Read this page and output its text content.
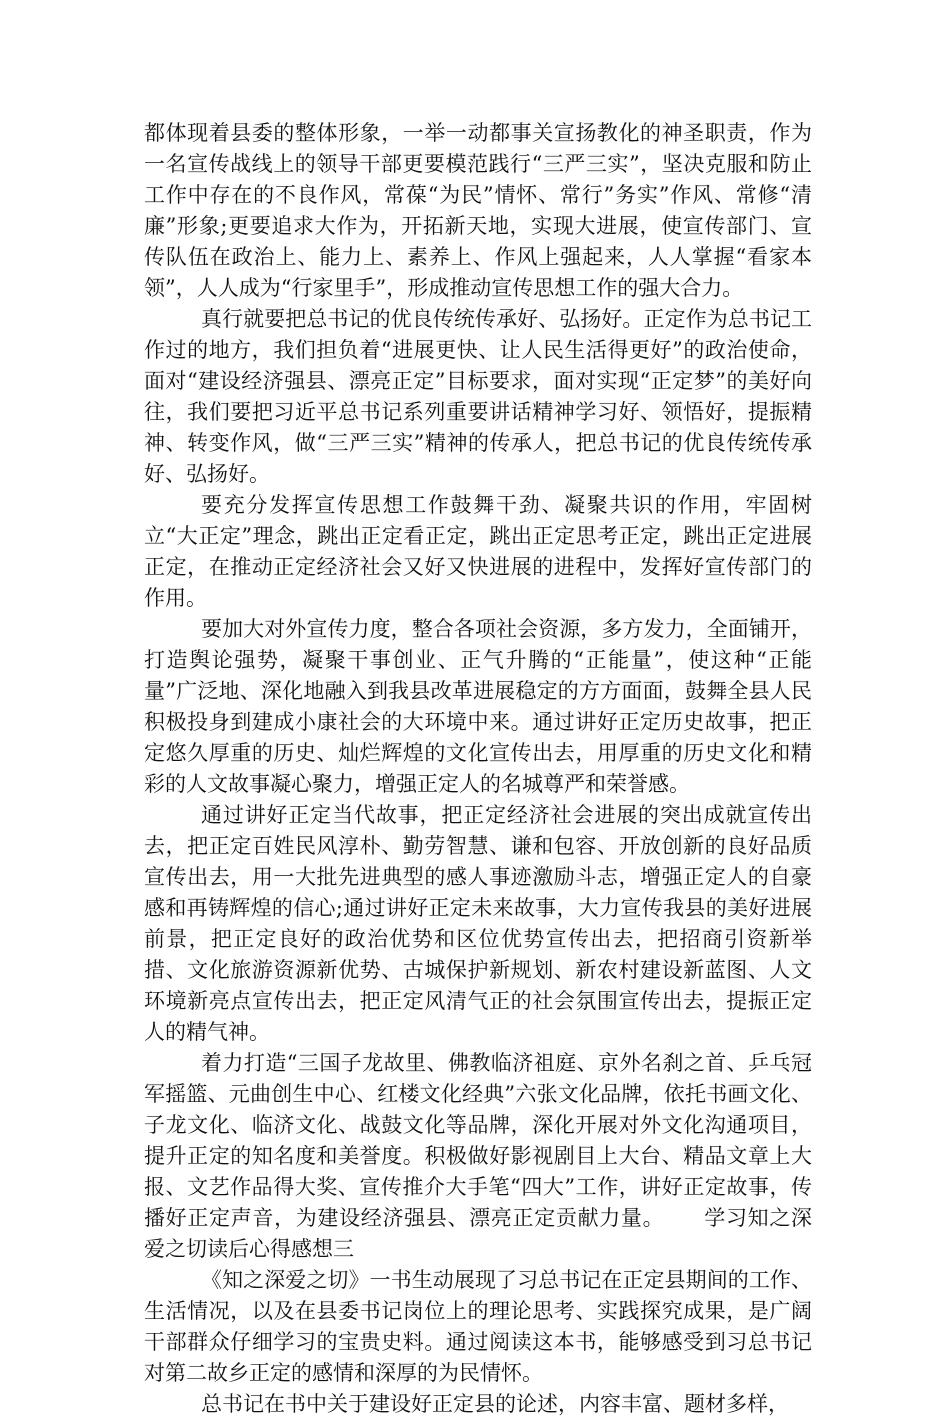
都体现着县委的整体形象，一举一动都事关宣扬教化的神圣职责，作为一名宣传战线上的领导干部更要模范践行“三严三实”，坚决克服和防止工作中存在的不良作风，常葆“为民”情怀、常行”务实”作风、常修“清廉”形象;更要追求大作为，开拓新天地，实现大进展，使宣传部门、宣传队伍在政治上、能力上、素养上、作风上强起来，人人掌握“看家本领”，人人成为“行家里手”，形成推动宣传思想工作的强大合力。

真行就要把总书记的优良传统传承好、弘扬好。正定作为总书记工作过的地方，我们担负着“进展更快、让人民生活得更好”的政治使命，面对“建设经济强县、漂亮正定”目标要求，面对实现“正定梦”的美好向往，我们要把习近平总书记系列重要讲话精神学习好、领悟好，提振精神、转变作风，做“三严三实”精神的传承人，把总书记的优良传统传承好、弘扬好。

要充分发挥宣传思想工作鼓舞干劲、凝聚共识的作用，牢固树立“大正定”理念，跳出正定看正定，跳出正定思考正定，跳出正定进展正定，在推动正定经济社会又好又快进展的进程中，发挥好宣传部门的作用。

要加大对外宣传力度，整合各项社会资源，多方发力，全面铺开，打造舆论强势，凝聚干事创业、正气升腾的“正能量”，使这种“正能量”广泛地、深化地融入到我县改革进展稳定的方方面面，鼓舞全县人民积极投身到建成小康社会的大环境中来。通过讲好正定历史故事，把正定悠久厚重的历史、灿烂辉煌的文化宣传出去，用厚重的历史文化和精彩的人文故事凝心聚力，增强正定人的名城尊严和荣誉感。

通过讲好正定当代故事，把正定经济社会进展的突出成就宣传出去，把正定百姓民风淳朴、勤劳智慧、谦和包容、开放创新的良好品质宣传出去，用一大批先进典型的感人事迹激励斗志，增强正定人的自豪感和再铸辉煌的信心;通过讲好正定未来故事，大力宣传我县的美好进展前景，把正定良好的政治优势和区位优势宣传出去，把招商引资新举措、文化旅游资源新优势、古城保护新规划、新农村建设新蓝图、人文环境新亮点宣传出去，把正定风清气正的社会氛围宣传出去，提振正定人的精气神。

着力打造“三国子龙故里、佛教临济祖庭、京外名刹之首、乒乓冠军摇篮、元曲创生中心、红楼文化经典”六张文化品牌，依托书画文化、子龙文化、临济文化、战鼓文化等品牌，深化开展对外文化沟通项目，提升正定的知名度和美誉度。积极做好影视剧目上大台、精品文章上大报、文艺作品得大奖、宣传推介大手笔“四大”工作，讲好正定故事，传播好正定声音，为建设经济强县、漂亮正定贡献力量。 学习知之深爱之切读后心得感想三

《知之深爱之切》一书生动展现了习总书记在正定县期间的工作、生活情况，以及在县委书记岗位上的理论思考、实践探究成果，是广阔干部群众仔细学习的宝贵史料。通过阅读这本书，能够感受到习总书记对第二故乡正定的感情和深厚的为民情怀。

总书记在书中关于建设好正定县的论述，内容丰富、题材多样，
